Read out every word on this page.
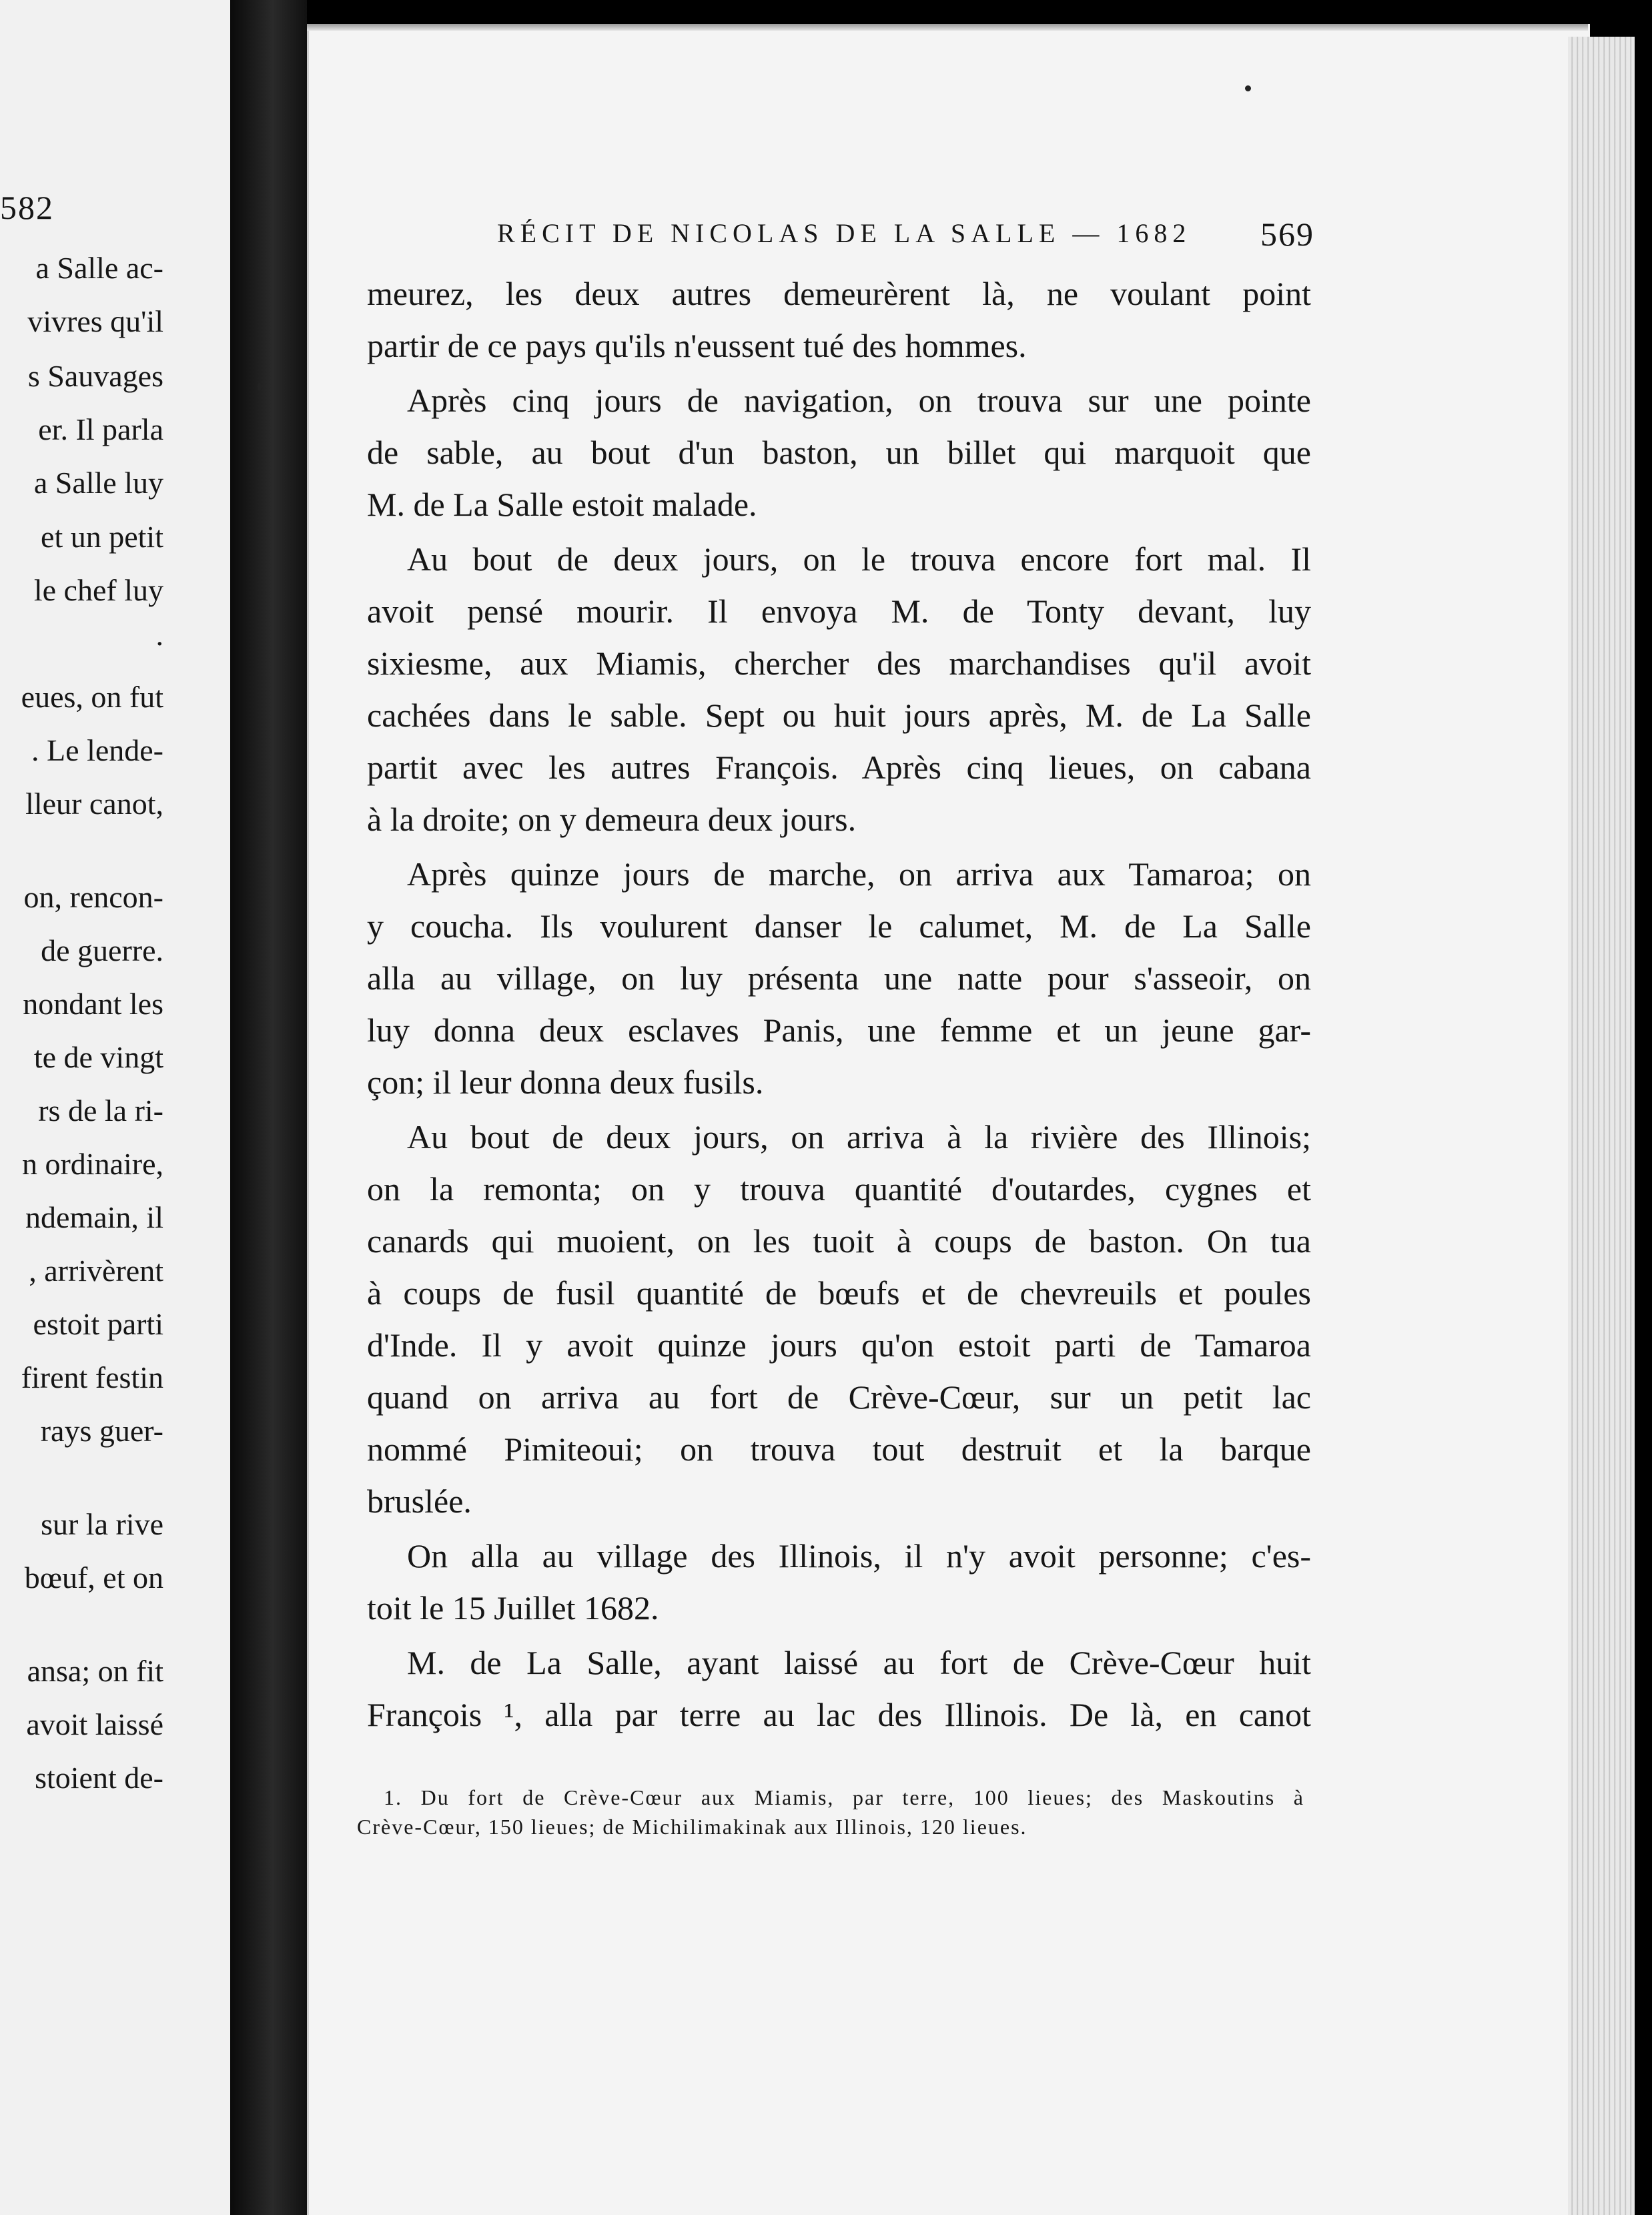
582
a Salle ac-
vivres qu'il
s Sauvages
er. Il parla
a Salle luy
et un petit
le chef luy
.
eues, on fut
. Le lende-
lleur canot,
on, rencon-
de guerre.
nondant les
te de vingt
rs de la ri-
n ordinaire,
ndemain, il
, arrivèrent
estoit parti
firent festin
rays guer-
sur la rive
bœuf, et on
ansa; on fit
avoit laissé
stoient de-
RÉCIT DE NICOLAS DE LA SALLE — 1682 569
meurez, les deux autres demeurèrent là, ne voulant point
partir de ce pays qu'ils n'eussent tué des hommes.
Après cinq jours de navigation, on trouva sur une pointe
de sable, au bout d'un baston, un billet qui marquoit que
M. de La Salle estoit malade.
Au bout de deux jours, on le trouva encore fort mal. Il
avoit pensé mourir. Il envoya M. de Tonty devant, luy
sixiesme, aux Miamis, chercher des marchandises qu'il avoit
cachées dans le sable. Sept ou huit jours après, M. de La Salle
partit avec les autres François. Après cinq lieues, on cabana
à la droite; on y demeura deux jours.
Après quinze jours de marche, on arriva aux Tamaroa; on
y coucha. Ils voulurent danser le calumet, M. de La Salle
alla au village, on luy présenta une natte pour s'asseoir, on
luy donna deux esclaves Panis, une femme et un jeune gar-
çon; il leur donna deux fusils.
Au bout de deux jours, on arriva à la rivière des Illinois;
on la remonta; on y trouva quantité d'outardes, cygnes et
canards qui muoient, on les tuoit à coups de baston. On tua
à coups de fusil quantité de bœufs et de chevreuils et poules
d'Inde. Il y avoit quinze jours qu'on estoit parti de Tamaroa
quand on arriva au fort de Crève-Cœur, sur un petit lac
nommé Pimiteoui; on trouva tout destruit et la barque
bruslée.
On alla au village des Illinois, il n'y avoit personne; c'es-
toit le 15 Juillet 1682.
M. de La Salle, ayant laissé au fort de Crève-Cœur huit
François ¹, alla par terre au lac des Illinois. De là, en canot
1. Du fort de Crève-Cœur aux Miamis, par terre, 100 lieues; des Maskoutins à
Crève-Cœur, 150 lieues; de Michilimakinak aux Illinois, 120 lieues.
